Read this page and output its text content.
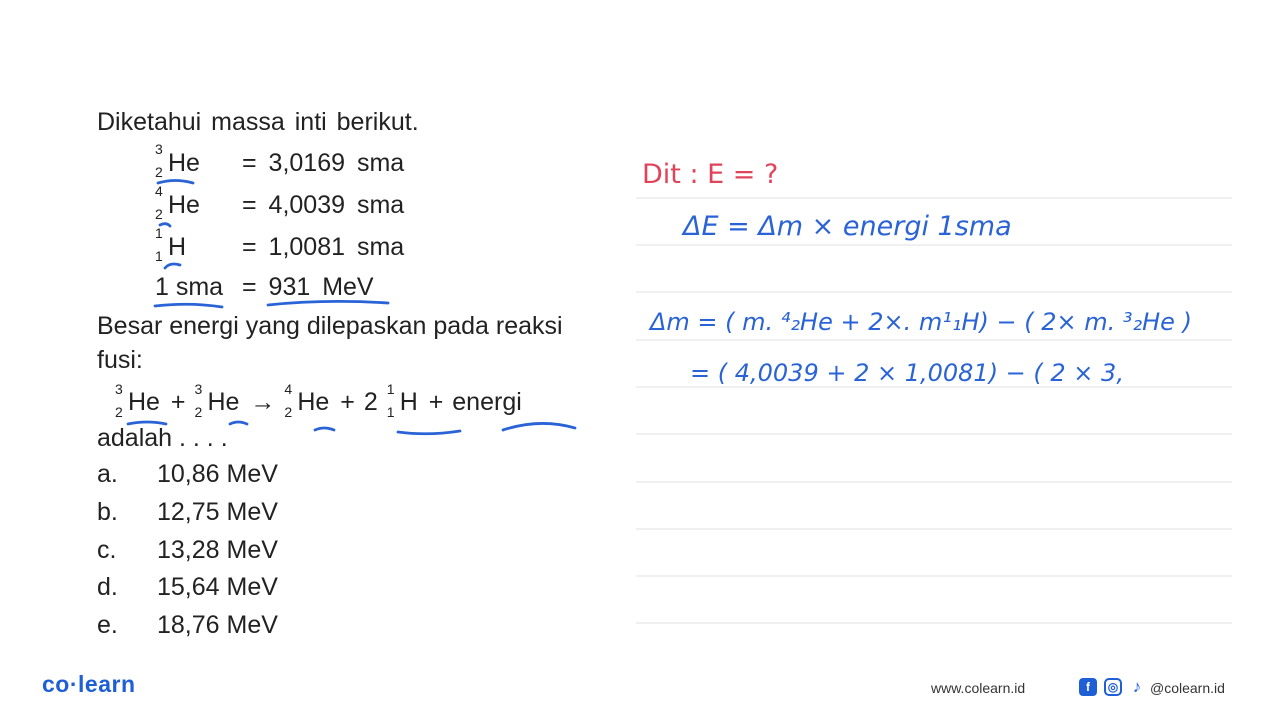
Diketahui massa inti berikut.
3
2 He = 3,0169 sma
4
2 He = 4,0039 sma
1
1 H = 1,0081 sma
1 sma = 931 MeV
Besar energi yang dilepaskan pada reaksi
fusi:
3
2 He + 3
2 He → 4
2 He + 2 1
1 H + energi
adalah . . . .
a. 10,86 MeV
b. 12,75 MeV
c. 13,28 MeV
d. 15,64 MeV
e. 18,76 MeV
Dit : E = ?
ΔE = Δm × energi 1sma
Δm = ( m. ⁴₂He + 2×. m¹₁H) − ( 2× m. ³₂He )
= ( 4,0039 + 2 × 1,0081) − ( 2 × 3,
co·learn	www.colearn.id	f	◎ ♪ @colearn.id
